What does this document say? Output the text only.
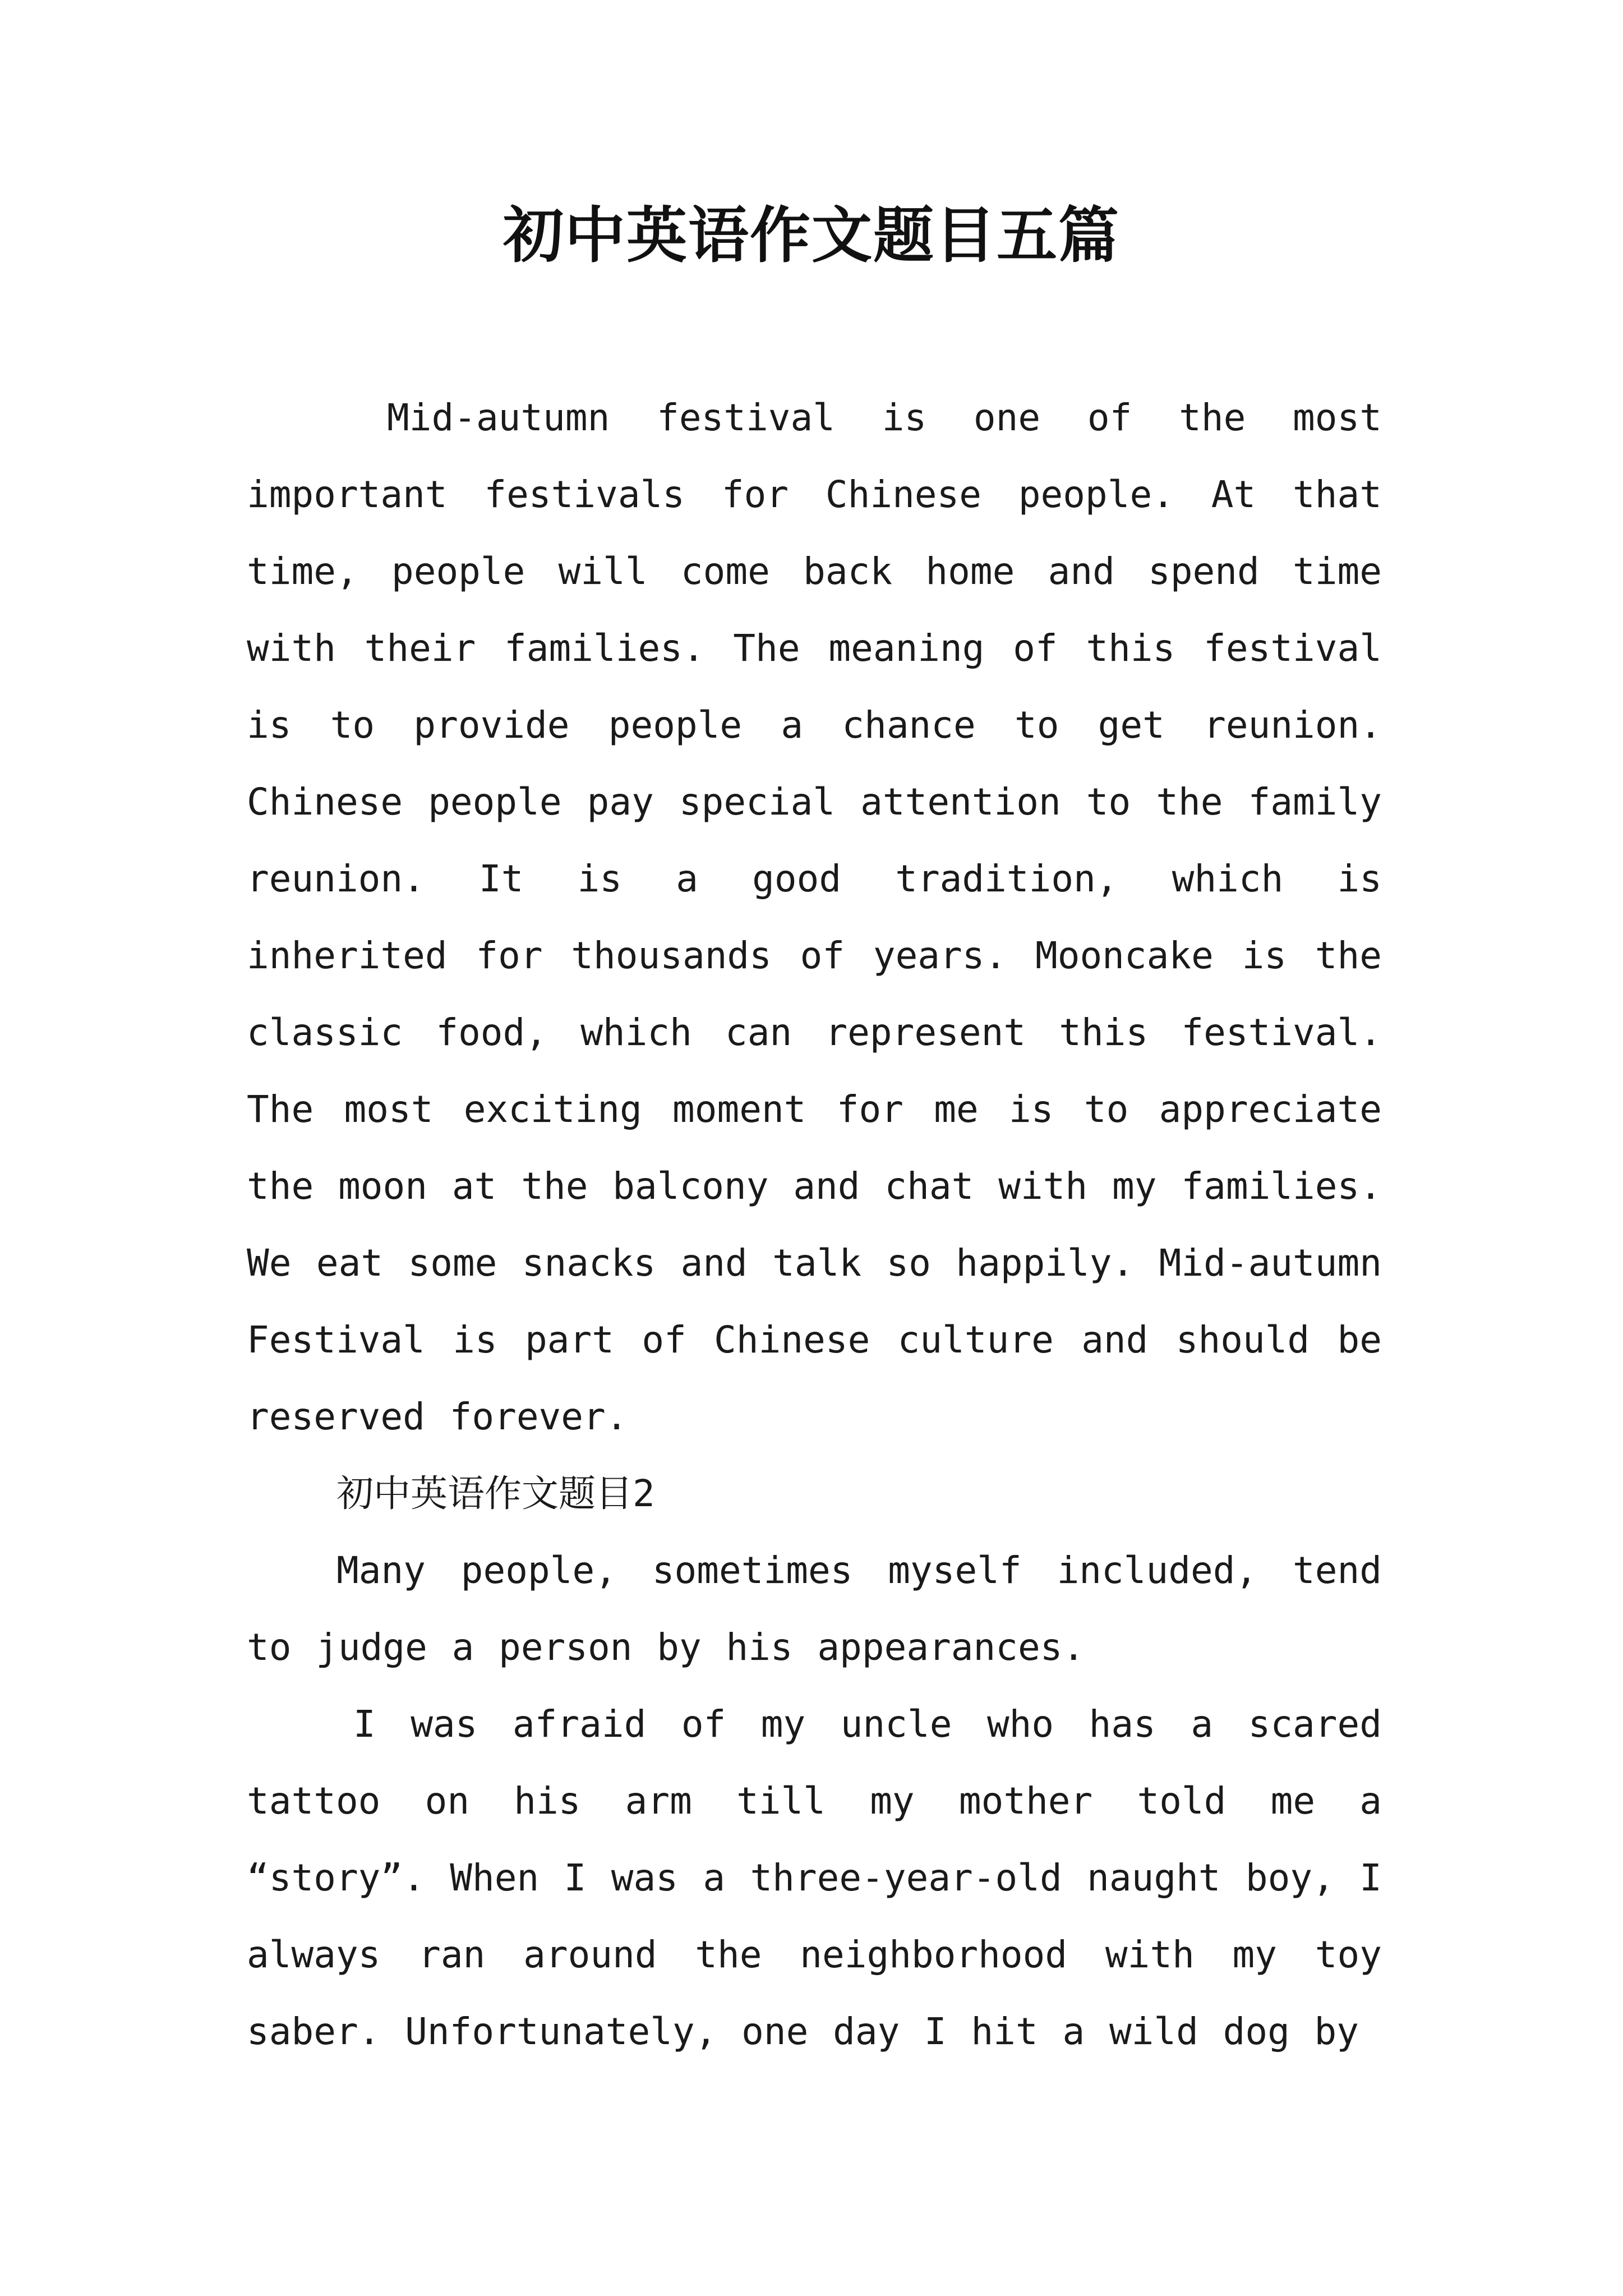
初中英语作文题目五篇

Mid-autumn festival is one of the most important festivals for Chinese people. At that time, people will come back home and spend time with their families. The meaning of this festival is to provide people a chance to get reunion. Chinese people pay special attention to the family reunion. It is a good tradition, which is inherited for thousands of years. Mooncake is the classic food, which can represent this festival. The most exciting moment for me is to appreciate the moon at the balcony and chat with my families. We eat some snacks and talk so happily. Mid-autumn Festival is part of Chinese culture and should be reserved forever.

初中英语作文题目2

Many people, sometimes myself included, tend to judge a person by his appearances.

I was afraid of my uncle who has a scared tattoo on his arm till my mother told me a “story”. When I was a three-year-old naught boy, I always ran around the neighborhood with my toy saber. Unfortunately, one day I hit a wild dog by
